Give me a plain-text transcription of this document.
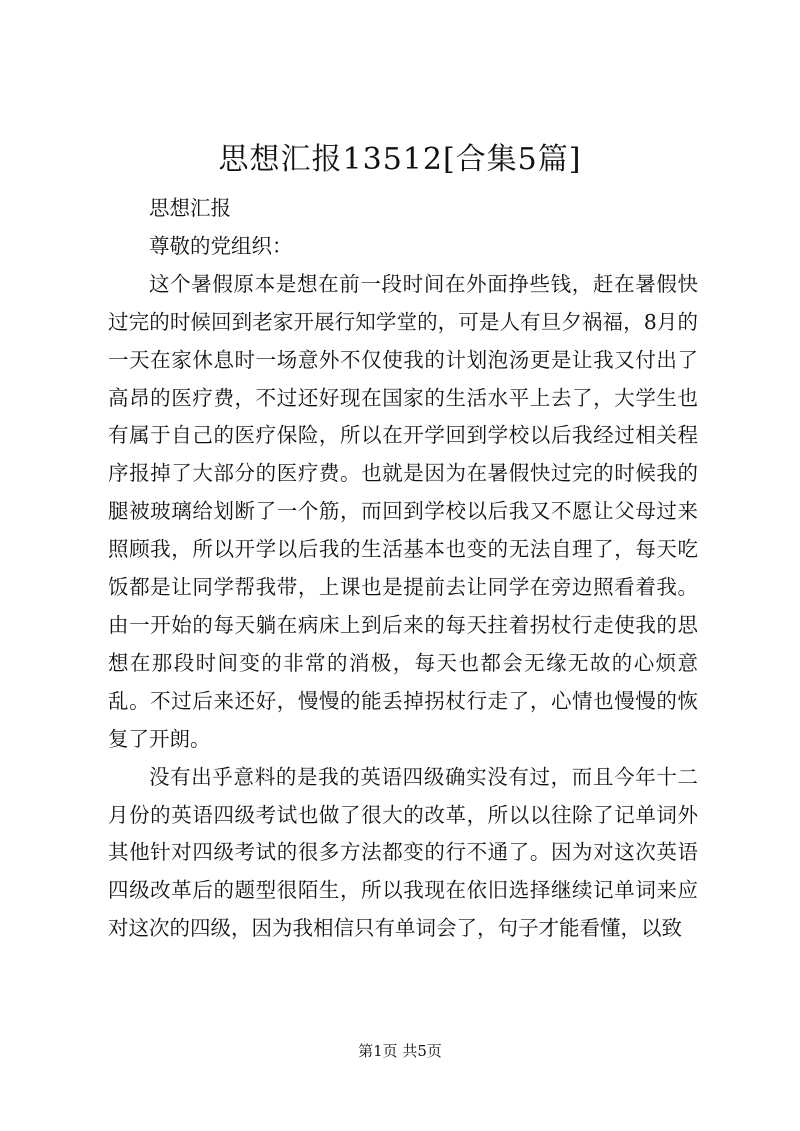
思想汇报13512[合集5篇]

思想汇报

尊敬的党组织：

这个暑假原本是想在前一段时间在外面挣些钱，赶在暑假快过完的时候回到老家开展行知学堂的，可是人有旦夕祸福，8月的一天在家休息时一场意外不仅使我的计划泡汤更是让我又付出了高昂的医疗费，不过还好现在国家的生活水平上去了，大学生也有属于自己的医疗保险，所以在开学回到学校以后我经过相关程序报掉了大部分的医疗费。也就是因为在暑假快过完的时候我的腿被玻璃给划断了一个筋，而回到学校以后我又不愿让父母过来照顾我，所以开学以后我的生活基本也变的无法自理了，每天吃饭都是让同学帮我带，上课也是提前去让同学在旁边照看着我。由一开始的每天躺在病床上到后来的每天拄着拐杖行走使我的思想在那段时间变的非常的消极，每天也都会无缘无故的心烦意乱。不过后来还好，慢慢的能丢掉拐杖行走了，心情也慢慢的恢复了开朗。

没有出乎意料的是我的英语四级确实没有过，而且今年十二月份的英语四级考试也做了很大的改革，所以以往除了记单词外其他针对四级考试的很多方法都变的行不通了。因为对这次英语四级改革后的题型很陌生，所以我现在依旧选择继续记单词来应对这次的四级，因为我相信只有单词会了，句子才能看懂，以致

第1页 共5页
